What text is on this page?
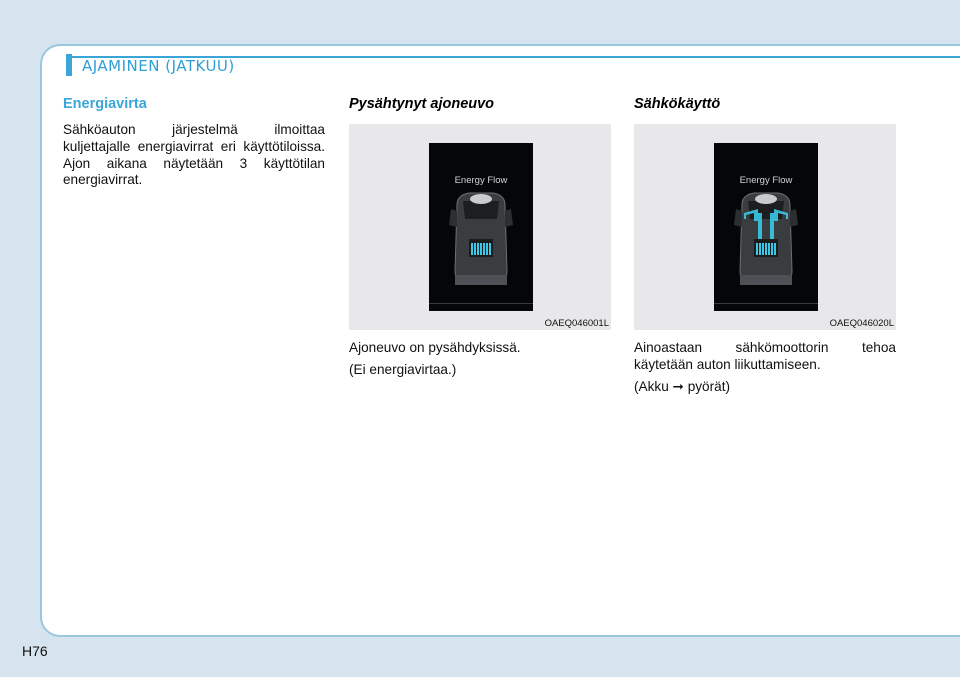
AJAMINEN (JATKUU)
Energiavirta

Sähköauton järjestelmä ilmoittaa kuljettajalle energiavirrat eri käyttötiloissa. Ajon aikana näytetään 3 käyttötilan energiavirrat.

Pysähtynyt ajoneuvo
Energy Flow
OAEQ046001L

Ajoneuvo on pysähdyksissä.

(Ei energiavirtaa.)

Sähkökäyttö
Energy Flow
OAEQ046020L

Ainoastaan sähkömoottorin tehoa käytetään auton liikuttamiseen.

(Akku ➞ pyörät)

H76
